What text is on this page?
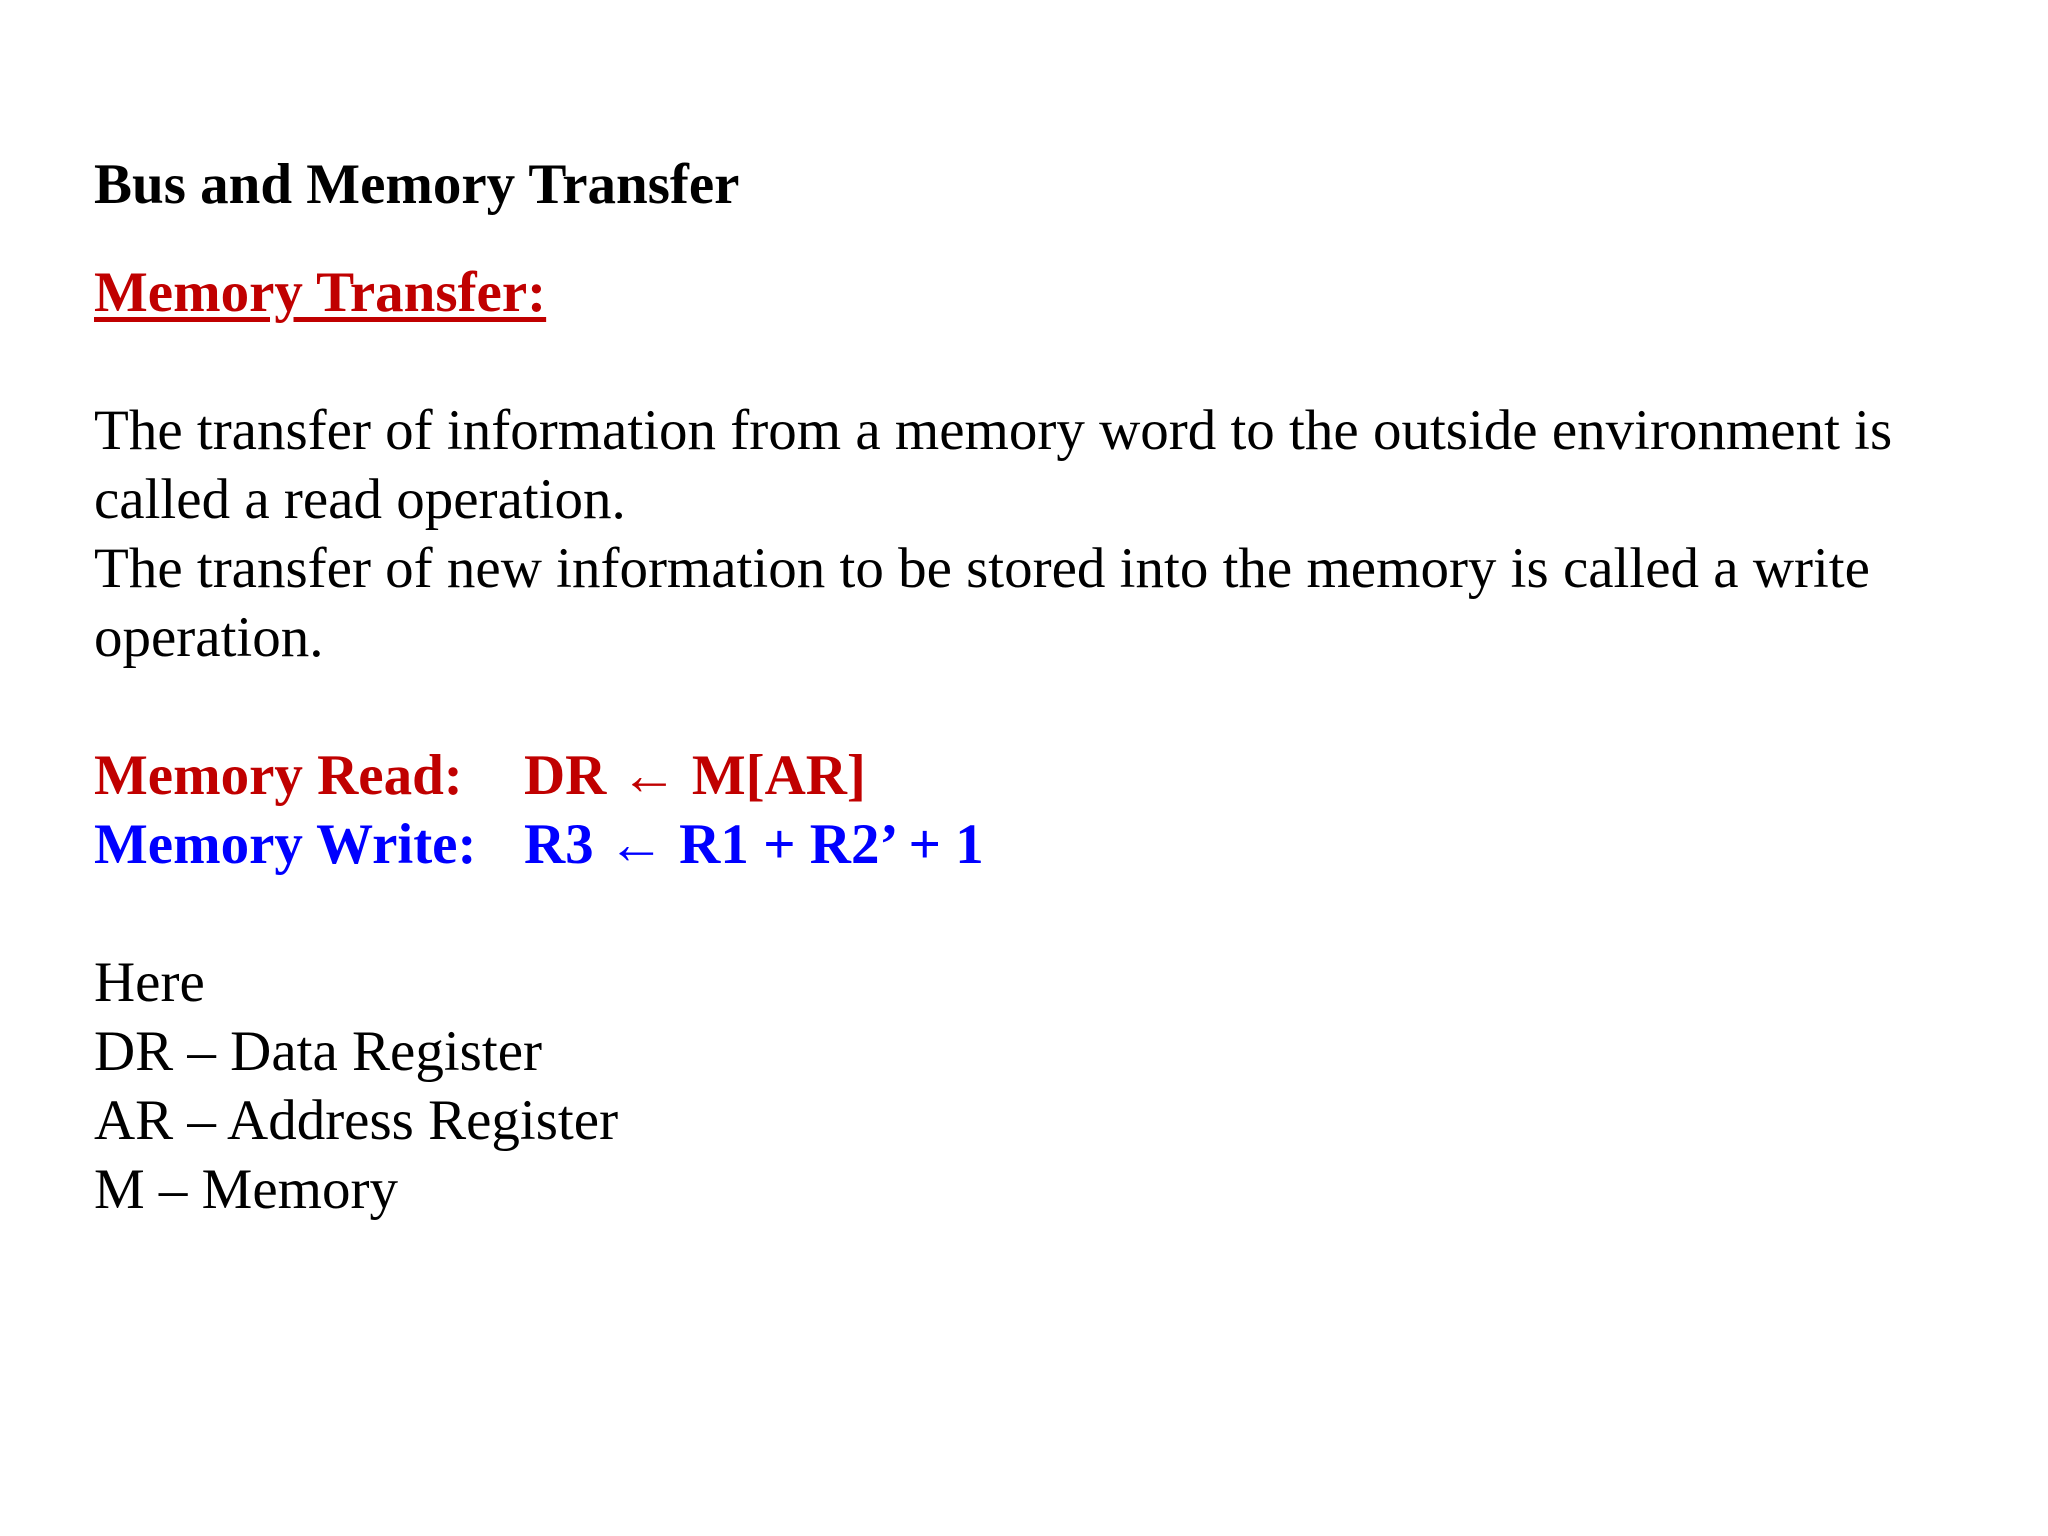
Bus and Memory Transfer
Memory Transfer:

The transfer of information from a memory word to the outside environment is called a read operation.

The transfer of new information to be stored into the memory is called a write operation.

Memory Read:	DR ← M[AR]
Memory Write: R3 ← R1 + R2’ + 1

Here

DR – Data Register

AR – Address Register

M – Memory
